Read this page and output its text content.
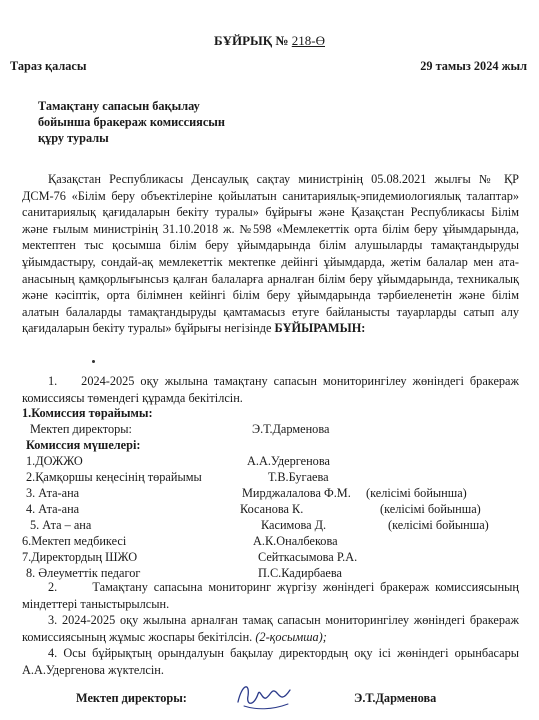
БҰЙРЫҚ № 218-Ө
Тараз қаласы	29 тамыз 2024 жыл
Тамақтану сапасын бақылау
бойынша бракераж комиссиясын
құру туралы

Қазақстан Республикасы Денсаулық сақтау министрінің 05.08.2021 жылғы № ҚР ДСМ-76 «Білім беру объектілеріне қойылатын санитариялық-эпидемиологиялық талаптар» санитариялық қағидаларын бекіту туралы» бұйрығы және Қазақстан Республикасы Білім және ғылым министрінің 31.10.2018 ж. №598 «Мемлекеттік орта білім беру ұйымдарында, мектептен тыс қосымша білім беру ұйымдарында білім алушыларды тамақтандыруды ұйымдастыру, сондай-ақ мемлекеттік мектепке дейінгі ұйымдарда, жетім балалар мен ата-анасының қамқорлығынсыз қалған балаларға арналған білім беру ұйымдарында, техникалық және кәсіптік, орта білімнен кейінгі білім беру ұйымдарында тәрбиеленетін және білім алатын балаларды тамақтандыруды қамтамасыз етуге байланысты тауарларды сатып алу қағидаларын бекіту туралы» бұйрығы негізінде БҰЙЫРАМЫН:

1. 2024-2025 оқу жылына тамақтану сапасын мониторингілеу жөніндегі бракераж комиссиясы төмендегі құрамда бекітілсін.

1.Комиссия төрайымы:
Мектеп директоры:	Э.Т.Дарменова
Комиссия мүшелері:
1.ДОЖЖО	А.А.Удергенова
2.Қамқоршы кеңесінің төрайымы	Т.В.Бугаева
3. Ата-ана	Мирджалалова Ф.М. (келісімі бойынша)
4. Ата-ана	Косанова К.	(келісімі бойынша)
5. Ата – ана	Касимова Д.	(келісімі бойынша)
6.Мектеп медбикесі	А.К.Оналбекова
7.Директордың ШЖО	Сейткасымова Р.А.
8. Әлеуметтік педагог	П.С.Кадирбаева

2.	Тамақтану сапасына мониторинг жүргізу жөніндегі бракераж комиссиясының міндеттері таныстырылсын.

3. 2024-2025 оқу жылына арналған тамақ сапасын мониторингілеу жөніндегі бракераж комиссиясының жұмыс жоспары бекітілсін. (2-қосымша);

4. Осы бұйрықтың орындалуын бақылау директордың оқу ісі жөніндегі орынбасары А.А.Удергенова жүктелсін.

Мектеп директоры:	Э.Т.Дарменова
